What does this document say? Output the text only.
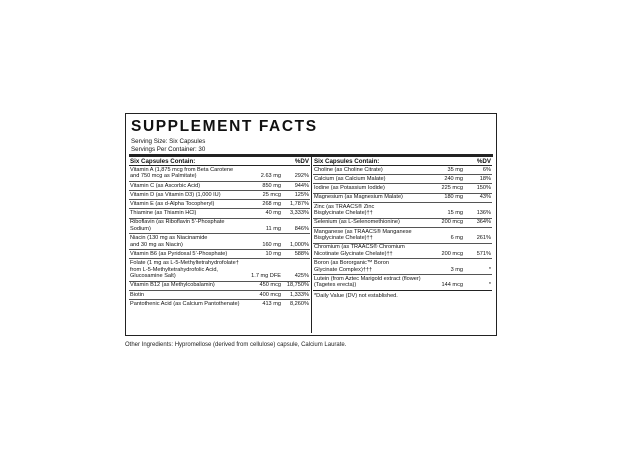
SUPPLEMENT FACTS
Serving Size: Six Capsules
Servings Per Container: 30
Six Capsules Contain:	%DV
Vitamin A (1,875 mcg from Beta Carotene
and 750 mcg as Palmitate)	2.63 mg	292%
Vitamin C (as Ascorbic Acid)	850 mg	944%
Vitamin D (as Vitamin D3) (1,000 IU)	25 mcg	125%
Vitamin E (as d-Alpha Tocopheryl)	268 mg	1,787%
Thiamine (as Thiamin HCl)	40 mg	3,333%
Riboflavin (as Riboflavin 5’-Phosphate Sodium)	11 mg	846%
Niacin (130 mg as Niacinamide
and 30 mg as Niacin)	160 mg	1,000%
Vitamin B6 (as Pyridoxal 5’-Phosphate)	10 mg	588%
Folate (1 mg as L-5-Methyltetrahydrofolate†
from L-5-Methyltetrahydrofolic Acid,
Glucosamine Salt)	1.7 mg DFE	425%
Vitamin B12 (as Methylcobalamin)	450 mcg	18,750%
Biotin	400 mcg	1,333%
Pantothenic Acid (as Calcium Pantothenate)	413 mg	8,260%
Six Capsules Contain:	%DV
Choline (as Choline Citrate)	35 mg	6%
Calcium (as Calcium Malate)	240 mg	18%
Iodine (as Potassium Iodide)	225 mcg	150%
Magnesium (as Magnesium Malate)	180 mg	43%
Zinc (as TRAACS® Zinc
Bisglycinate Chelate)††	15 mg	136%
Selenium (as L-Selenomethionine)	200 mcg	364%
Manganese (as TRAACS® Manganese
Bisglycinate Chelate)††	6 mg	261%
Chromium (as TRAACS® Chromium
Nicotinate Glycinate Chelate)††	200 mcg	571%
Boron (as Bororganic™ Boron
Glycinate Complex)†††	3 mg	*
Lutein (from Aztec Marigold extract (flower)
(Tagetes erecta))	144 mcg	*
*Daily Value (DV) not established.
Other Ingredients: Hypromellose (derived from cellulose) capsule, Calcium Laurate.
